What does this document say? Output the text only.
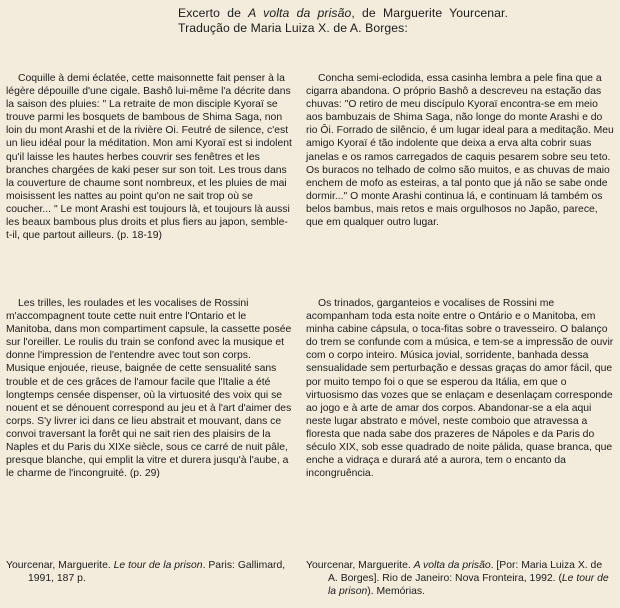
Excerto de A volta da prisão, de Marguerite Yourcenar. Tradução de Maria Luiza X. de A. Borges:

Coquille à demi éclatée, cette maisonnette fait penser à la légère dépouille d'une cigale. Bashô lui-même l'a décrite dans la saison des pluies: " La retraite de mon disciple Kyoraï se trouve parmi les bosquets de bambous de Shima Saga, non loin du mont Arashi et de la rivière Oi. Feutré de silence, c'est un lieu idéal pour la méditation. Mon ami Kyoraï est si indolent qu'il laisse les hautes herbes couvrir ses fenêtres et les branches chargées de kaki peser sur son toit. Les trous dans la couverture de chaume sont nombreux, et les pluies de mai moisissent les nattes au point qu'on ne sait trop où se coucher... " Le mont Arashi est toujours là, et toujours là aussi les beaux bambous plus droits et plus fiers au japon, semble-t-il, que partout ailleurs. (p. 18-19)

Concha semi-eclodida, essa casinha lembra a pele fina que a cigarra abandona. O próprio Bashô a descreveu na estação das chuvas: "O retiro de meu discípulo Kyoraï encontra-se em meio aos bambuzais de Shima Saga, não longe do monte Arashi e do rio Ôi. Forrado de silêncio, é um lugar ideal para a meditação. Meu amigo Kyoraï é tão indolente que deixa a erva alta cobrir suas janelas e os ramos carregados de caquis pesarem sobre seu teto. Os buracos no telhado de colmo são muitos, e as chuvas de maio enchem de mofo as esteiras, a tal ponto que já não se sabe onde dormir..." O monte Arashi continua lá, e continuam lá também os belos bambus, mais retos e mais orgulhosos no Japão, parece, que em qualquer outro lugar.

Les trilles, les roulades et les vocalises de Rossini m'accompagnent toute cette nuit entre l'Ontario et le Manitoba, dans mon compartiment capsule, la cassette posée sur l'oreiller. Le roulis du train se confond avec la musique et donne l'impression de l'entendre avec tout son corps. Musique enjouée, rieuse, baignée de cette sensualité sans trouble et de ces grâces de l'amour facile que l'Italie a été longtemps censée dispenser, où la virtuosité des voix qui se nouent et se dénouent correspond au jeu et à l'art d'aimer des corps. S'y livrer ici dans ce lieu abstrait et mouvant, dans ce convoi traversant la forêt qui ne sait rien des plaisirs de la Naples et du Paris du XIXe siècle, sous ce carré de nuit pâle, presque blanche, qui emplit la vitre et durera jusqu'à l'aube, a le charme de l'incongruité. (p. 29)

Os trinados, garganteios e vocalises de Rossini me acompanham toda esta noite entre o Ontário e o Manitoba, em minha cabine cápsula, o toca-fitas sobre o travesseiro. O balanço do trem se confunde com a música, e tem-se a impressão de ouvir com o corpo inteiro. Música jovial, sorridente, banhada dessa sensualidade sem perturbação e dessas graças do amor fácil, que por muito tempo foi o que se esperou da Itália, em que o virtuosismo das vozes que se enlaçam e desenlaçam corresponde ao jogo e à arte de amar dos corpos. Abandonar-se a ela aqui neste lugar abstrato e móvel, neste comboio que atravessa a floresta que nada sabe dos prazeres de Nápoles e da Paris do século XIX, sob esse quadrado de noite pálida, quase branca, que enche a vidraça e durará até a aurora, tem o encanto da incongruência.

Yourcenar, Marguerite. Le tour de la prison. Paris: Gallimard, 1991, 187 p.
Yourcenar, Marguerite. A volta da prisão. [Por: Maria Luiza X. de A. Borges]. Rio de Janeiro: Nova Fronteira, 1992. (Le tour de la prison). Memórias.
